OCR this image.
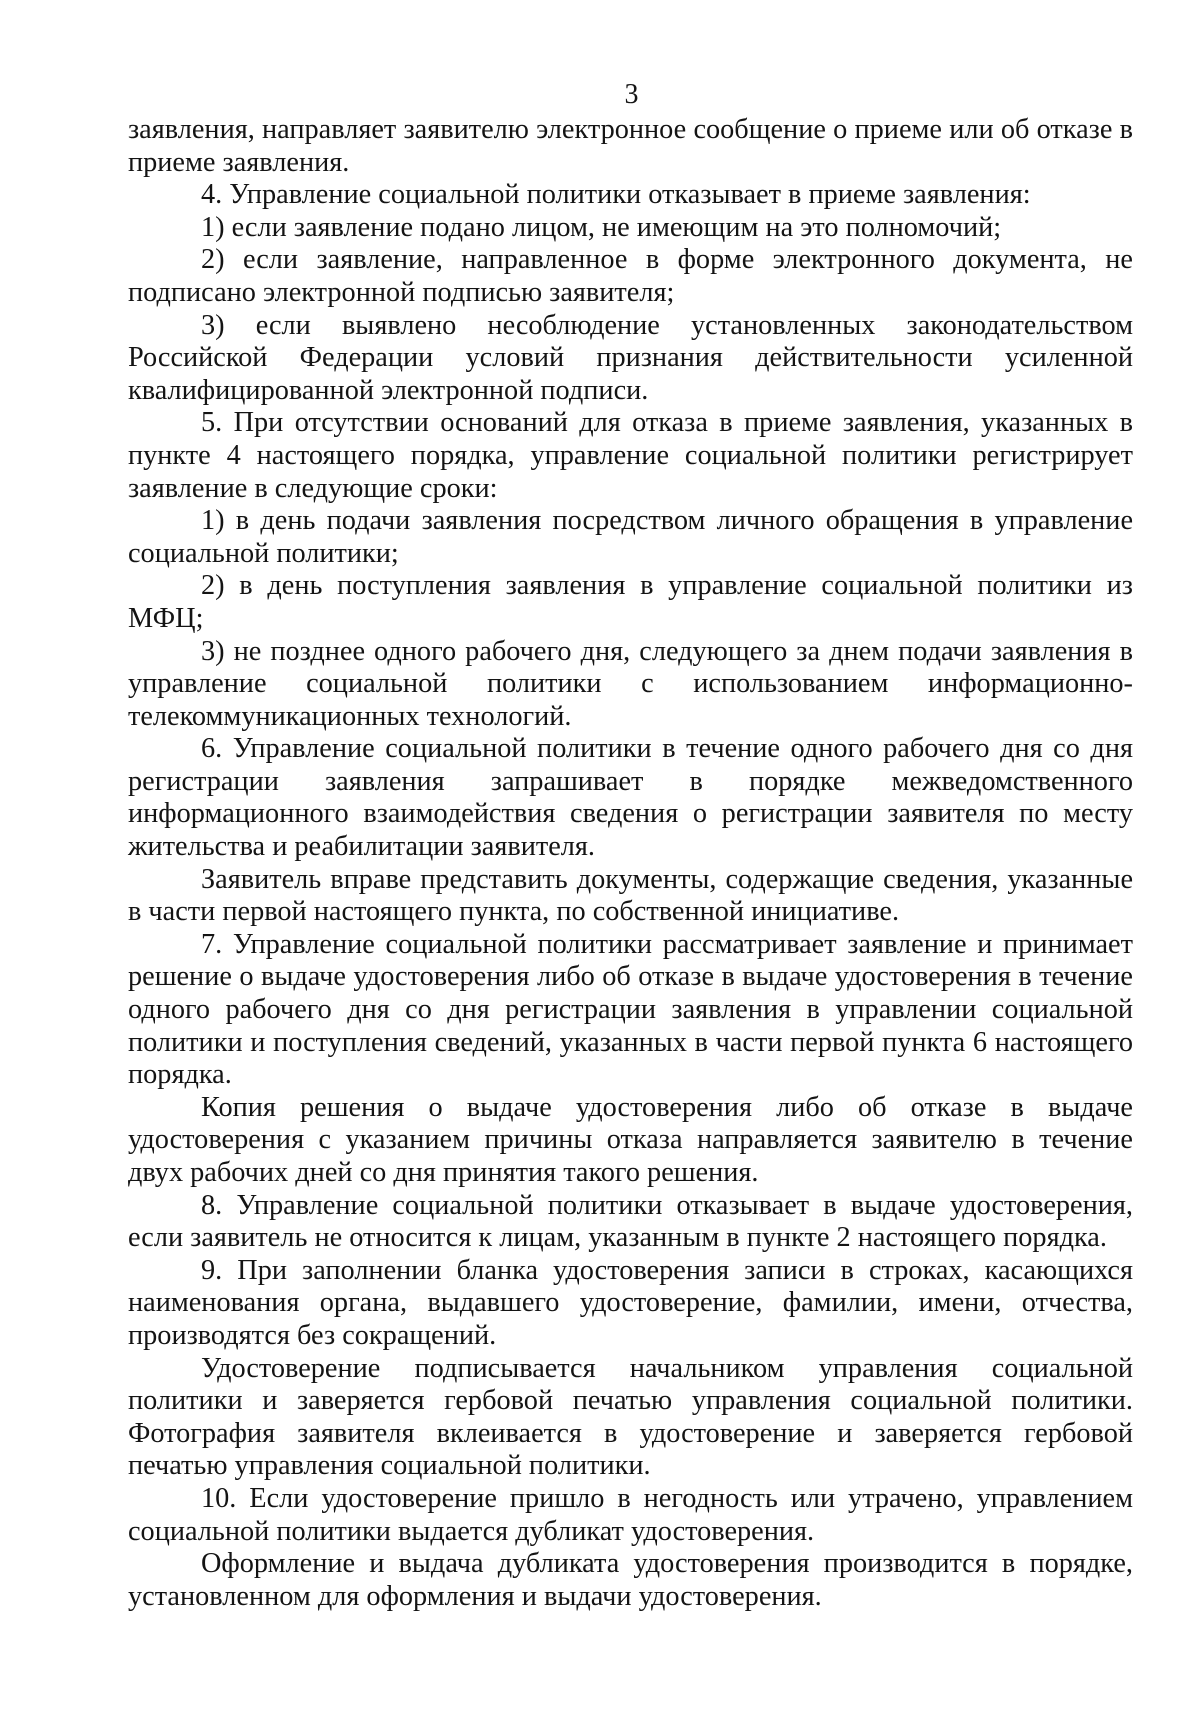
3

заявления, направляет заявителю электронное сообщение о приеме или об отказе в приеме заявления.

4. Управление социальной политики отказывает в приеме заявления:

1) если заявление подано лицом, не имеющим на это полномочий;

2) если заявление, направленное в форме электронного документа, не подписано электронной подписью заявителя;

3) если выявлено несоблюдение установленных законодательством Российской Федерации условий признания действительности усиленной квалифицированной электронной подписи.

5. При отсутствии оснований для отказа в приеме заявления, указанных в пункте 4 настоящего порядка, управление социальной политики регистрирует заявление в следующие сроки:

1) в день подачи заявления посредством личного обращения в управление социальной политики;

2) в день поступления заявления в управление социальной политики из МФЦ;

3) не позднее одного рабочего дня, следующего за днем подачи заявления в управление социальной политики с использованием информационно-телекоммуникационных технологий.

6. Управление социальной политики в течение одного рабочего дня со дня регистрации заявления запрашивает в порядке межведомственного информационного взаимодействия сведения о регистрации заявителя по месту жительства и реабилитации заявителя.

Заявитель вправе представить документы, содержащие сведения, указанные в части первой настоящего пункта, по собственной инициативе.

7. Управление социальной политики рассматривает заявление и принимает решение о выдаче удостоверения либо об отказе в выдаче удостоверения в течение одного рабочего дня со дня регистрации заявления в управлении социальной политики и поступления сведений, указанных в части первой пункта 6 настоящего порядка.

Копия решения о выдаче удостоверения либо об отказе в выдаче удостоверения с указанием причины отказа направляется заявителю в течение двух рабочих дней со дня принятия такого решения.

8. Управление социальной политики отказывает в выдаче удостоверения, если заявитель не относится к лицам, указанным в пункте 2 настоящего порядка.

9. При заполнении бланка удостоверения записи в строках, касающихся наименования органа, выдавшего удостоверение, фамилии, имени, отчества, производятся без сокращений.

Удостоверение подписывается начальником управления социальной политики и заверяется гербовой печатью управления социальной политики. Фотография заявителя вклеивается в удостоверение и заверяется гербовой печатью управления социальной политики.

10. Если удостоверение пришло в негодность или утрачено, управлением социальной политики выдается дубликат удостоверения.

Оформление и выдача дубликата удостоверения производится в порядке, установленном для оформления и выдачи удостоверения.
